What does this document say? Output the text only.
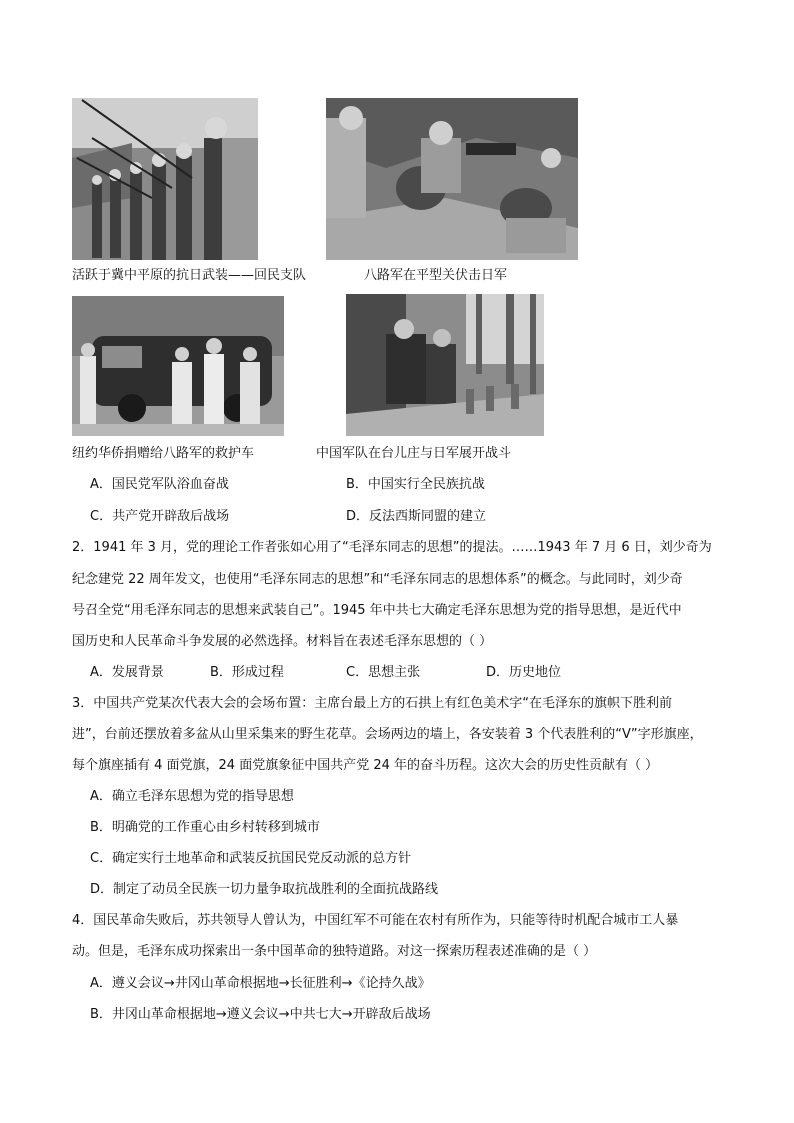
活跃于冀中平原的抗日武装——回民支队	八路军在平型关伏击日军
纽约华侨捐赠给八路军的救护车	中国军队在台儿庄与日军展开战斗
A．国民党军队浴血奋战	B．中国实行全民族抗战
C．共产党开辟敌后战场	D．反法西斯同盟的建立
2．1941 年 3 月，党的理论工作者张如心用了“毛泽东同志的思想”的提法。……1943 年 7 月 6 日，刘少奇为
纪念建党 22 周年发文，也使用“毛泽东同志的思想”和“毛泽东同志的思想体系”的概念。与此同时，刘少奇
号召全党“用毛泽东同志的思想来武装自己”。1945 年中共七大确定毛泽东思想为党的指导思想，是近代中
国历史和人民革命斗争发展的必然选择。材料旨在表述毛泽东思想的（ ）
A．发展背景	B．形成过程	C．思想主张	D．历史地位
3．中国共产党某次代表大会的会场布置：主席台最上方的石拱上有红色美术字“在毛泽东的旗帜下胜利前
进”，台前还摆放着多盆从山里采集来的野生花草。会场两边的墙上，各安装着 3 个代表胜利的“V”字形旗座，
每个旗座插有 4 面党旗，24 面党旗象征中国共产党 24 年的奋斗历程。这次大会的历史性贡献有（ ）
A．确立毛泽东思想为党的指导思想
B．明确党的工作重心由乡村转移到城市
C．确定实行土地革命和武装反抗国民党反动派的总方针
D．制定了动员全民族一切力量争取抗战胜利的全面抗战路线
4．国民革命失败后，苏共领导人曾认为，中国红军不可能在农村有所作为，只能等待时机配合城市工人暴
动。但是，毛泽东成功探索出一条中国革命的独特道路。对这一探索历程表述准确的是（ ）
A．遵义会议→井冈山革命根据地→长征胜利→《论持久战》
B．井冈山革命根据地→遵义会议→中共七大→开辟敌后战场
